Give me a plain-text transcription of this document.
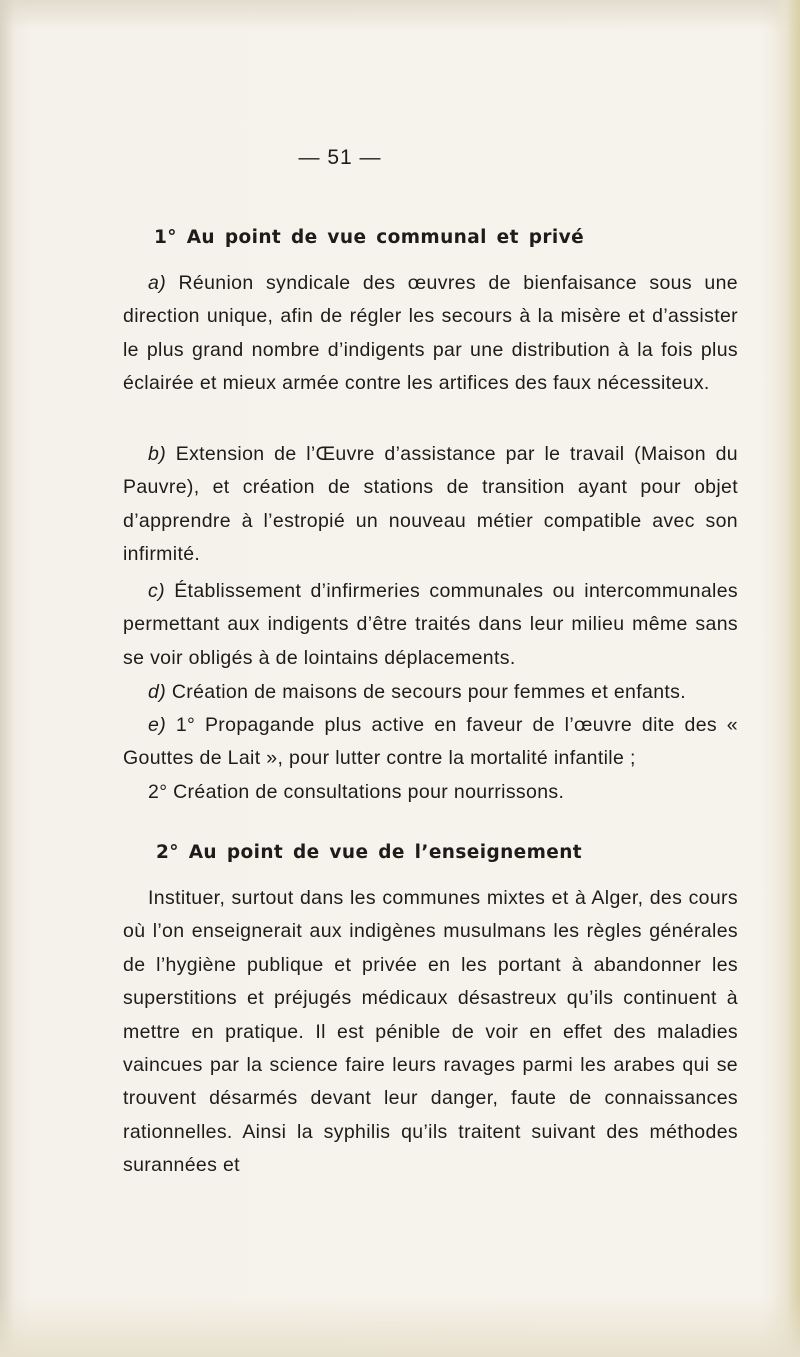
— 51 —
1° Au point de vue communal et privé

a) Réunion syndicale des œuvres de bienfaisance sous une direction unique, afin de régler les secours à la misère et d’assister le plus grand nombre d’indigents par une distribution à la fois plus éclairée et mieux armée contre les artifices des faux nécessiteux.

b) Extension de l’Œuvre d’assistance par le travail (Maison du Pauvre), et création de stations de transition ayant pour objet d’apprendre à l’estropié un nouveau métier compatible avec son infirmité.

c) Établissement d’infirmeries communales ou intercommunales permettant aux indigents d’être traités dans leur milieu même sans se voir obligés à de lointains déplacements.

d) Création de maisons de secours pour femmes et enfants.

e) 1° Propagande plus active en faveur de l’œuvre dite des « Gouttes de Lait », pour lutter contre la mortalité infantile ;

2° Création de consultations pour nourrissons.

2° Au point de vue de l’enseignement

Instituer, surtout dans les communes mixtes et à Alger, des cours où l’on enseignerait aux indigènes musulmans les règles générales de l’hygiène publique et privée en les portant à abandonner les superstitions et préjugés médicaux désastreux qu’ils continuent à mettre en pratique. Il est pénible de voir en effet des maladies vaincues par la science faire leurs ravages parmi les arabes qui se trouvent désarmés devant leur danger, faute de connaissances rationnelles. Ainsi la syphilis qu’ils traitent suivant des méthodes surannées et
